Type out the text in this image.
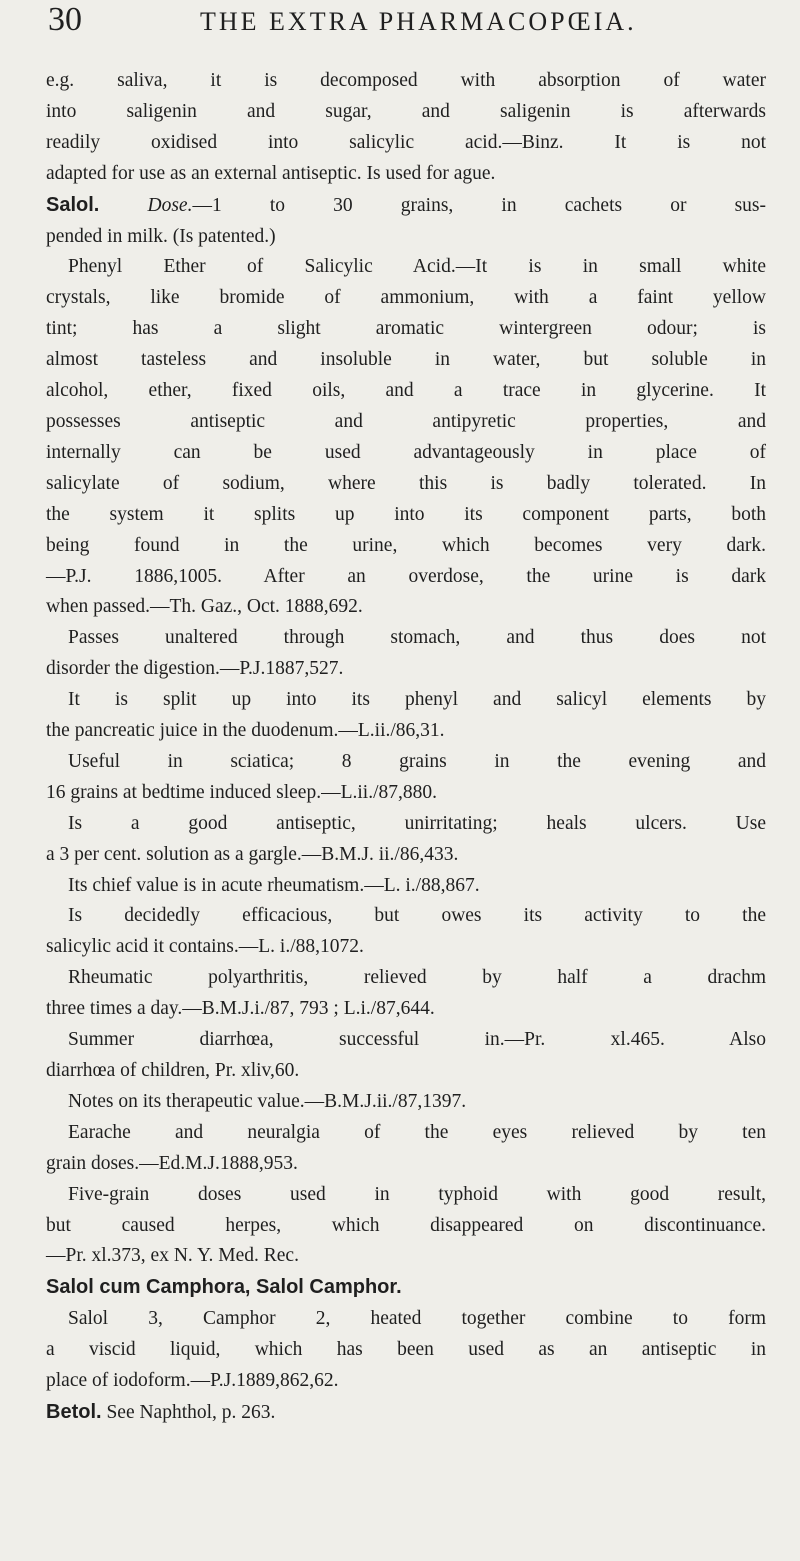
30	THE EXTRA PHARMACOPŒIA.
e.g. saliva, it is decomposed with absorption of water
into saligenin and sugar, and saligenin is afterwards
readily oxidised into salicylic acid.—Binz. It is not
adapted for use as an external antiseptic. Is used for ague.
Salol. Dose.—1 to 30 grains, in cachets or sus-
pended in milk. (Is patented.)
Phenyl Ether of Salicylic Acid.—It is in small white
crystals, like bromide of ammonium, with a faint yellow
tint; has a slight aromatic wintergreen odour; is
almost tasteless and insoluble in water, but soluble in
alcohol, ether, fixed oils, and a trace in glycerine. It
possesses antiseptic and antipyretic properties, and
internally can be used advantageously in place of
salicylate of sodium, where this is badly tolerated. In
the system it splits up into its component parts, both
being found in the urine, which becomes very dark.
—P.J. 1886,1005. After an overdose, the urine is dark
when passed.—Th. Gaz., Oct. 1888,692.
Passes unaltered through stomach, and thus does not
disorder the digestion.—P.J.1887,527.
It is split up into its phenyl and salicyl elements by
the pancreatic juice in the duodenum.—L.ii./86,31.
Useful in sciatica; 8 grains in the evening and
16 grains at bedtime induced sleep.—L.ii./87,880.
Is a good antiseptic, unirritating; heals ulcers. Use
a 3 per cent. solution as a gargle.—B.M.J. ii./86,433.
Its chief value is in acute rheumatism.—L. i./88,867.
Is decidedly efficacious, but owes its activity to the
salicylic acid it contains.—L. i./88,1072.
Rheumatic polyarthritis, relieved by half a drachm
three times a day.—B.M.J.i./87, 793 ; L.i./87,644.
Summer diarrhœa, successful in.—Pr. xl.465. Also
diarrhœa of children, Pr. xliv,60.
Notes on its therapeutic value.—B.M.J.ii./87,1397.
Earache and neuralgia of the eyes relieved by ten
grain doses.—Ed.M.J.1888,953.
Five-grain doses used in typhoid with good result,
but caused herpes, which disappeared on discontinuance.
—Pr. xl.373, ex N. Y. Med. Rec.
Salol cum Camphora, Salol Camphor.
Salol 3, Camphor 2, heated together combine to form
a viscid liquid, which has been used as an antiseptic in
place of iodoform.—P.J.1889,862,62.
Betol. See Naphthol, p. 263.
